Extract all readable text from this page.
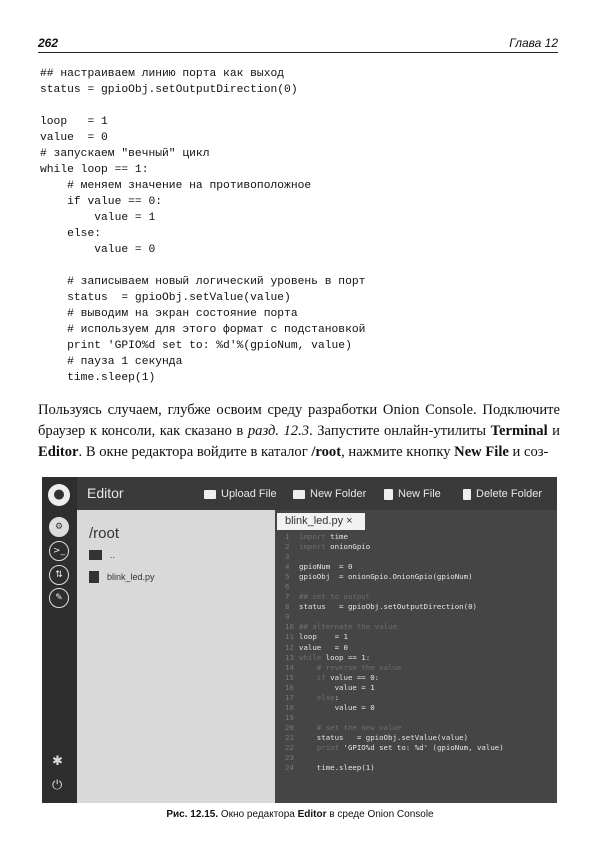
262	Глава 12
## настраиваем линию порта как выход
status = gpioObj.setOutputDirection(0)
loop   = 1
value  = 0
# запускаем "вечный" цикл
while loop == 1:
# меняем значение на противоположное
if value == 0:
value = 1
else:
value = 0
# записываем новый логический уровень в порт
status  = gpioObj.setValue(value)
# выводим на экран состояние порта
# используем для этого формат с подстановкой
print 'GPIO%d set to: %d'%(gpioNum, value)
# пауза 1 секунда
time.sleep(1)
Пользуясь случаем, глубже освоим среду разработки Onion Console. Подключите браузер к консоли, как сказано в разд. 12.3. Запустите онлайн-утилиты Terminal и Editor. В окне редактора войдите в каталог /root, нажмите кнопку New File и соз-
●
⚙
>_
⇅
✎
✱
⏻
Editor	Upload File	New Folder	New File	Delete Folder
/root
..
blink_led.py
blink_led.py ×
1 import time
2 import onionGpio
3
4 gpioNum  = 0
5 gpioObj  = onionGpio.OnionGpio(gpioNum)
6
7 ## set to output
8 status   = gpioObj.setOutputDirection(0)
9
10 ## alternate the value
11 loop    = 1
12 value   = 0
13 while loop == 1:
14    # reverse the value
15    if value == 0:
16        value = 1
17    else:
18        value = 0
19
20    # set the new value
21    status   = gpioObj.setValue(value)
22    print 'GPIO%d set to: %d' (gpioNum, value)
23
24    time.sleep(1)
Рис. 12.15. Окно редактора Editor в среде Onion Console
